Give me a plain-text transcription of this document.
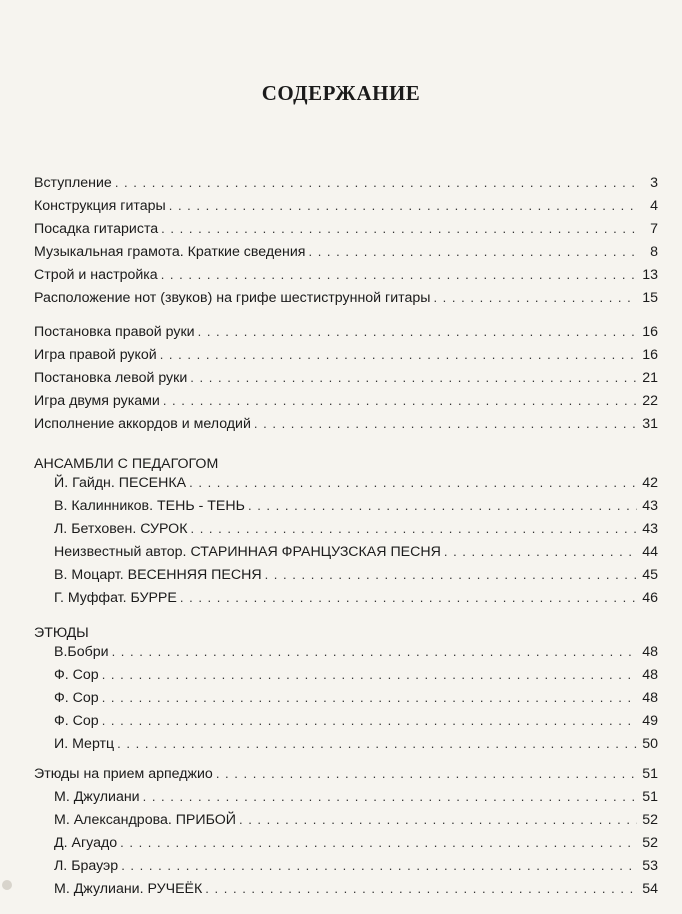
СОДЕРЖАНИЕ
Вступление . . .	3
Конструкция гитары . . .	4
Посадка гитариста . . .	7
Музыкальная грамота. Краткие сведения . . .	8
Строй и настройка . . .	13
Расположение нот (звуков) на грифе шестиструнной гитары . . .	15
Постановка правой руки . . .	16
Игра правой рукой . . .	16
Постановка левой руки . . .	21
Игра двумя руками . . .	22
Исполнение аккордов и мелодий . . .	31
АНСАМБЛИ С ПЕДАГОГОМ
Й. Гайдн. ПЕСЕНКА . . .	42
В. Калинников. ТЕНЬ - ТЕНЬ . . .	43
Л. Бетховен. СУРОК . . .	43
Неизвестный автор. СТАРИННАЯ ФРАНЦУЗСКАЯ ПЕСНЯ . . .	44
В. Моцарт. ВЕСЕННЯЯ ПЕСНЯ . . .	45
Г. Муффат. БУРРЕ . . .	46
ЭТЮДЫ
В.Бобри . . .	48
Ф. Сор . . .	48
Ф. Сор . . .	48
Ф. Сор . . .	49
И. Мертц . . .	50
Этюды на прием арпеджио . . .	51
М. Джулиани . . .	51
М. Александрова. ПРИБОЙ . . .	52
Д. Агуадо . . .	52
Л. Брауэр . . .	53
М. Джулиани. РУЧЕЁК . . .	54
